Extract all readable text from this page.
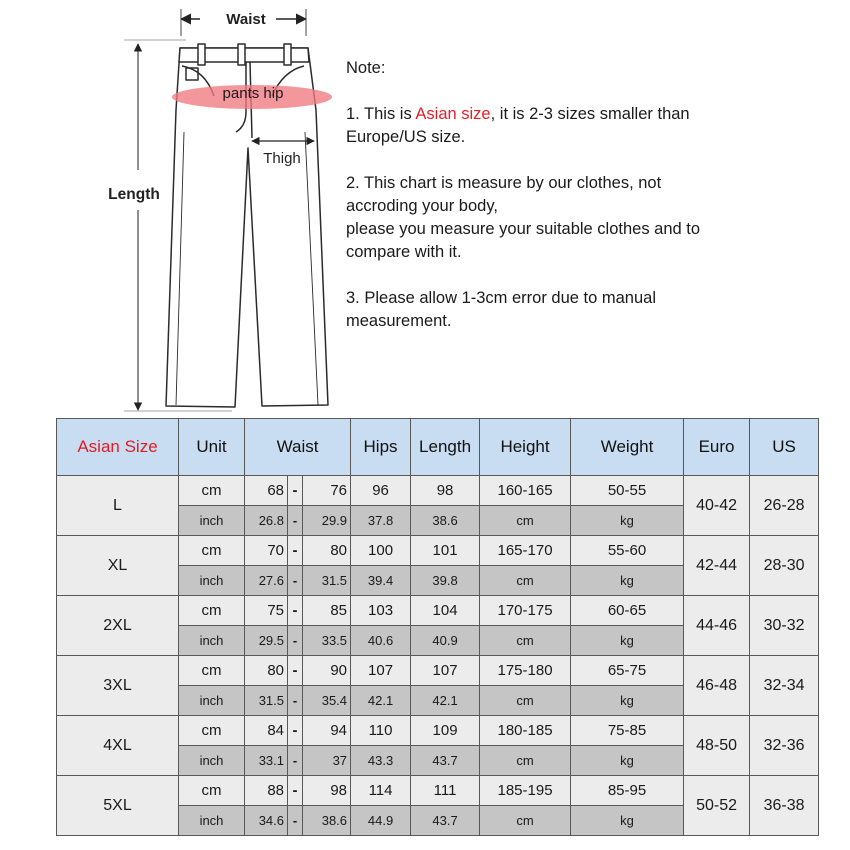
Waist
Length
pants hip
Thigh

Note:

1. This is Asian size, it is 2-3 sizes smaller than

Europe/US size.

2. This chart is measure by our clothes, not

accroding your body,

please you measure your suitable clothes and to

compare with it.

3. Please allow 1-3cm error due to manual

measurement.

Asian Size	Unit	Waist			Hips	Length	Height	Weight	Euro	US
L	cm	68	-	76	96	98	160-165	50-55	40-42	26-28
	inch	26.8	-	29.9	37.8	38.6	cm	kg		
XL	cm	70	-	80	100	101	165-170	55-60	42-44	28-30
	inch	27.6	-	31.5	39.4	39.8	cm	kg		
2XL	cm	75	-	85	103	104	170-175	60-65	44-46	30-32
	inch	29.5	-	33.5	40.6	40.9	cm	kg		
3XL	cm	80	-	90	107	107	175-180	65-75	46-48	32-34
	inch	31.5	-	35.4	42.1	42.1	cm	kg		
4XL	cm	84	-	94	110	109	180-185	75-85	48-50	32-36
	inch	33.1	-	37	43.3	43.7	cm	kg		
5XL	cm	88	-	98	114	111	185-195	85-95	50-52	36-38
	inch	34.6	-	38.6	44.9	43.7	cm	kg		
